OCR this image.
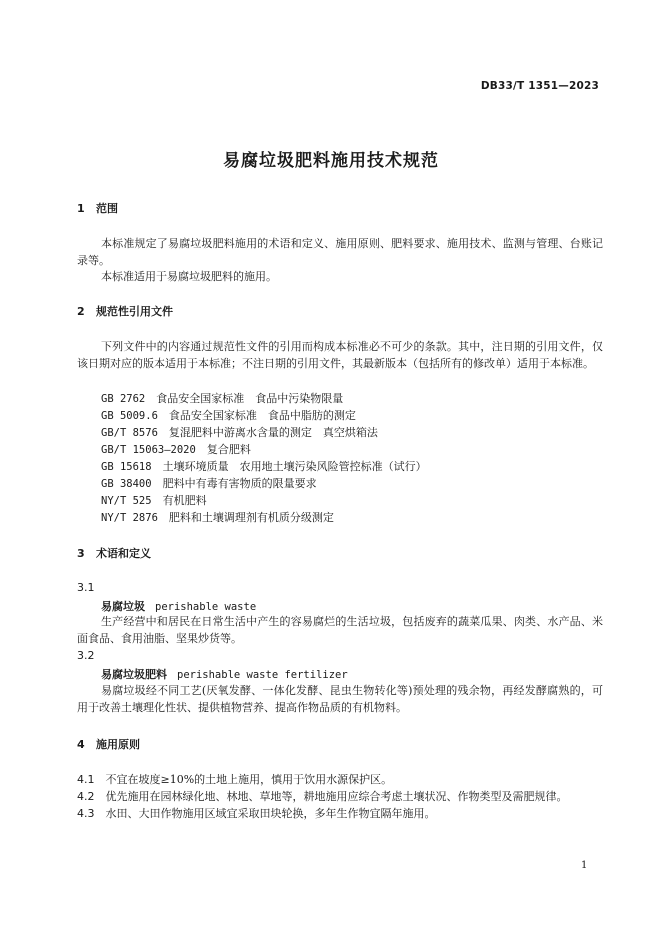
DB33/T 1351—2023
易腐垃圾肥料施用技术规范
1 范围
本标准规定了易腐垃圾肥料施用的术语和定义、施用原则、肥料要求、施用技术、监测与管理、台账记录等。
本标准适用于易腐垃圾肥料的施用。
2 规范性引用文件
下列文件中的内容通过规范性文件的引用而构成本标准必不可少的条款。其中，注日期的引用文件，仅该日期对应的版本适用于本标准；不注日期的引用文件，其最新版本（包括所有的修改单）适用于本标准。
GB 2762　 食品安全国家标准　食品中污染物限量
GB 5009.6　 食品安全国家标准　食品中脂肪的测定
GB/T 8576　 复混肥料中游离水含量的测定　真空烘箱法
GB/T 15063—2020　 复合肥料
GB 15618　 土壤环境质量　农用地土壤污染风险管控标准（试行）
GB 38400　 肥料中有毒有害物质的限量要求
NY/T 525　 有机肥料
NY/T 2876　 肥料和土壤调理剂有机质分级测定
3 术语和定义
3.1
易腐垃圾 perishable waste
生产经营中和居民在日常生活中产生的容易腐烂的生活垃圾，包括废弃的蔬菜瓜果、肉类、水产品、米面食品、食用油脂、坚果炒货等。
3.2
易腐垃圾肥料 perishable waste fertilizer
易腐垃圾经不同工艺(厌氧发酵、一体化发酵、昆虫生物转化等)预处理的残余物，再经发酵腐熟的，可用于改善土壤理化性状、提供植物营养、提高作物品质的有机物料。
4 施用原则
4.1　 不宜在坡度≥10%的土地上施用，慎用于饮用水源保护区。
4.2　 优先施用在园林绿化地、林地、草地等，耕地施用应综合考虑土壤状况、作物类型及需肥规律。
4.3　 水田、大田作物施用区域宜采取田块轮换，多年生作物宜隔年施用。
1
